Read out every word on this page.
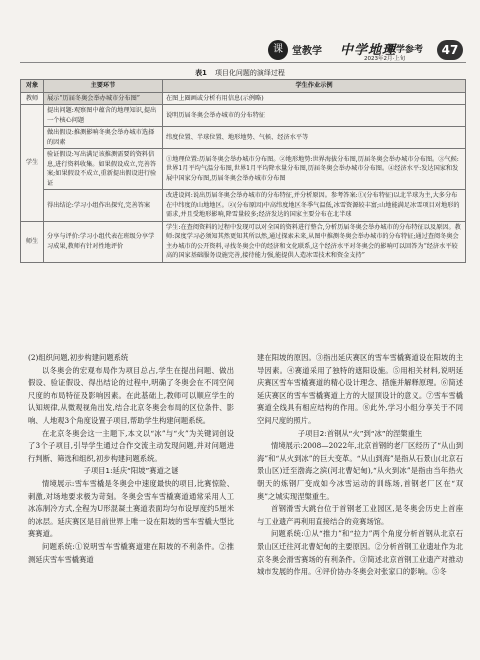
课 堂教学 中学地理
教学参考
2023年2月·上旬
47
表1 项目化问题的演绎过程
对象	主要环节	学生作业示例
教师	展示“历届冬奥会举办城市分布图”	在图上圈画或分析有用信息(示例略)
学生	提出问题:观察图中蕴含的地理知识,提出一个核心问题	说明历届冬奥会举办城市的分布特征
	做出假设:推测影响冬奥会举办城市选择的因素	纬度位置、半球位置、地形地势、气候、经济水平等
	验证假设:写出满足该推测需要的资料信息,进行资料收集。如果假设成立,完善答案;如果假设不成立,重新提出假设进行验证	①地理位置:历届冬奥会举办城市分布图。②地形地势:世界海拔分布图,历届冬奥会举办城市分布图。③气候:世界1月平均气温分布图,世界1月平均降水量分布图,历届冬奥会举办城市分布图。④经济水平:发达国家和发展中国家分布图,历届冬奥会举办城市分布图
	得出结论:学习小组作出探究,完善答案	改进设问:说出历届冬奥会举办城市的分布特征,并分析原因。参考答案:①(分布特征)以北半球为主,大多分布在中纬度的山地地区。②(分布原因)中高纬度地区冬季气温低,冰雪资源较丰富;山地能满足冰雪项目对地形的需求,并且受地形影响,降雪量较多;经济发达的国家主要分布在北半球
师生	分享与评价:学习小组代表在班级分享学习成果,教师有针对性地评价	学生:在查阅资料的过程中发现可以对全国的资料进行整合,分析历届冬奥会举办城市的分布特征以及原因。教师:深度学习必须知其然更知其所以然,通过探索未来,从图中推测冬奥会举办城市的分布特征;通过查阅冬奥会主办城市的公开资料,寻找冬奥会中的经济和文化联系,这个经济水平对冬奥会的影响可以回答为“经济水平较高的国家基础服务设施完善,接待能力强,能提供人造冰雪技术和资金支持”

(2)组织问题,初步构建问题系统

以冬奥会的宏观布局作为项目总占,学生在提出问题、做出假设、验证假设、得出结论的过程中,明确了冬奥会在不同空间尺度的布局特征及影响因素。在此基础上,教师可以顺应学生的认知规律,从微观视角出发,结合北京冬奥会布局的区位条件、影响、人地观3个角度设置子项目,帮助学生构建问题系统。

在北京冬奥会这一主题下,本文以“冰”与“火”为关键词创设了3个子项目,引导学生通过合作交流主动发现问题,并对问题进行判断、筛选和组织,初步构建问题系统。

子项目1:延庆“阳坡”赛道之谜

情境展示:雪车雪橇是冬奥会中速度最快的项目,比赛惊险、刺激,对场地要求极为苛刻。冬奥会雪车雪橇赛道通常采用人工冰冻制冷方式,全程为U形混凝土赛道表面均匀布设厚度约5厘米的冰层。延庆赛区是目前世界上唯一设在阳坡的雪车雪橇大型比赛赛道。

问题系统:①说明雪车雪橇赛道建在阳坡的不利条件。②推测延庆雪车雪橇赛道

建在阳坡的原因。③指出延庆赛区的雪车雪橇赛道设在阳坡的主导因素。④赛道采用了独特的遮阳设施。⑤用相关材料,说明延庆赛区雪车雪橇赛道的精心设计理念、措施并解释原理。⑥简述延庆赛区的雪车雪橇赛道上方的大屋顶设计的意义。⑦雪车雪橇赛道全线具有相应结构的作用。⑧此外,学习小组分享关于不同空间尺度的照片。

子项目2:首钢从“火”到“冰”的涅槃重生

情境展示:2008—2022年,北京首钢的老厂区经历了“从山到海”和“从火到冰”的巨大变革。“从山到海”是指从石景山(北京石景山区)迁至渤海之滨(河北曹妃甸),“从火到冰”是指由当年热火朝天的炼钢厂变成如今冰雪运动的训练场,首钢老厂区在“双奥”之城实现涅槃重生。

首钢滑雪大跳台位于首钢老工业园区,是冬奥会历史上首座与工业遗产再利用直接结合的竞赛场馆。

问题系统:①从“推力”和“拉力”两个角度分析首钢从北京石景山区迁往河北曹妃甸的主要原因。②分析首钢工业遗址作为北京冬奥会滑雪赛场的有利条件。③简述北京首钢工业遗产对推动城市发展的作用。④评价协办冬奥会对张家口的影响。⑤冬
